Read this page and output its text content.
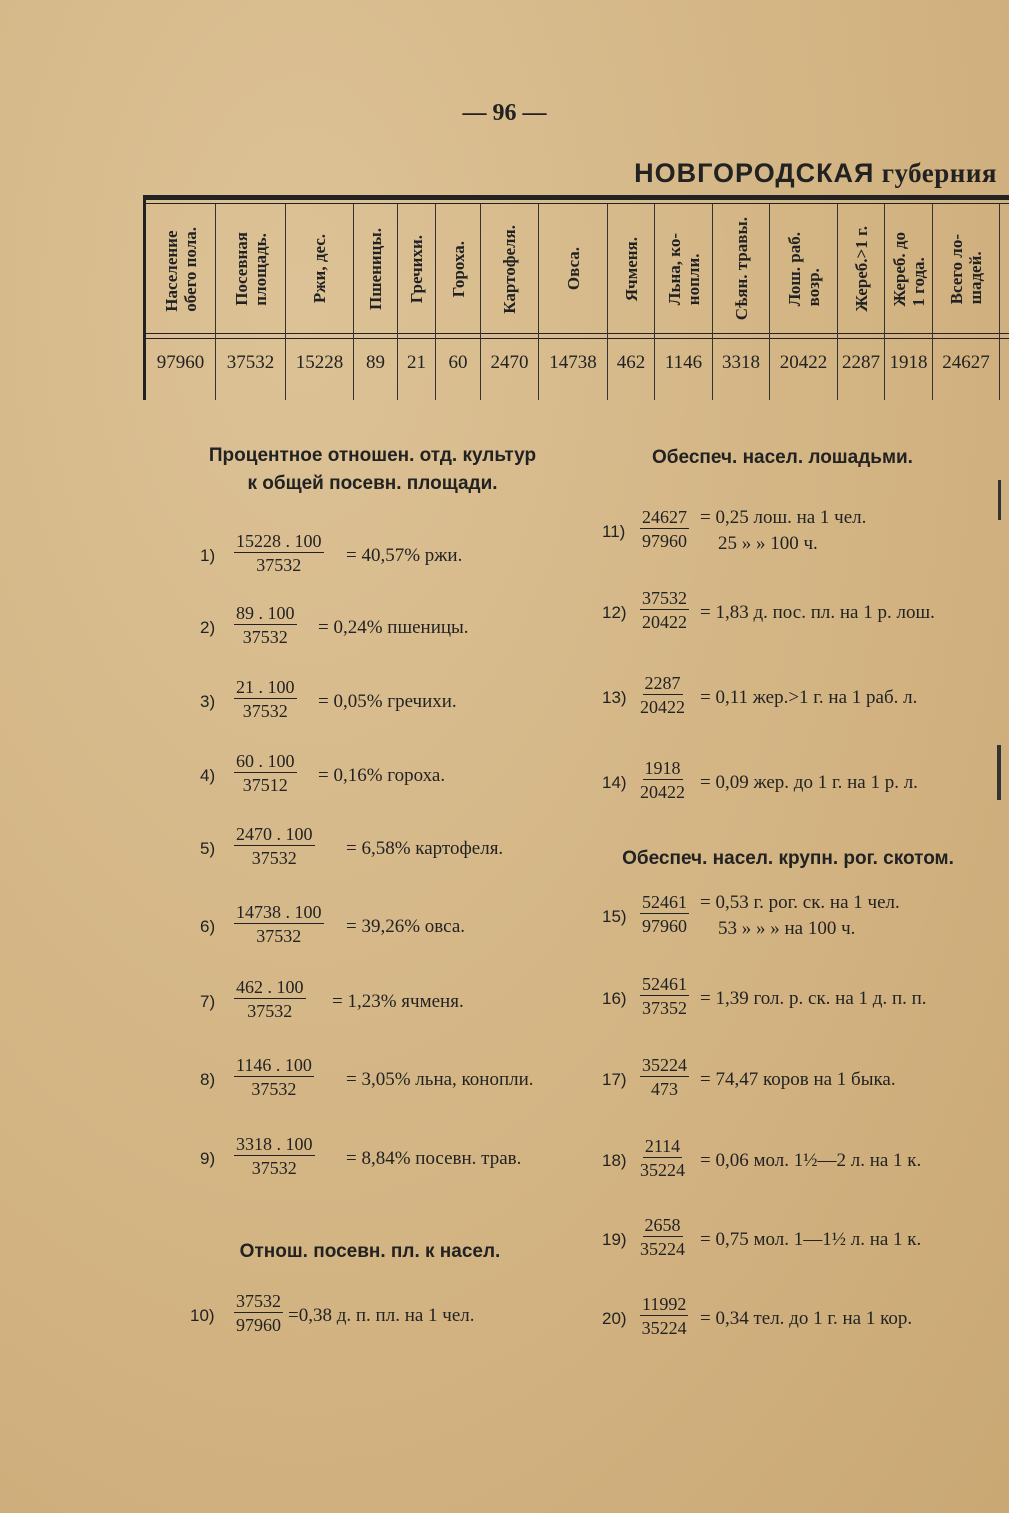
— 96 —
НОВГОРОДСКАЯ губерния
Население
обего пола.
97960
Посевная
площадь.
37532
Ржи, дес.
15228
Пшеницы.
89
Гречихи.
21
Гороха.
60
Картофеля.
2470
Овса.
14738
Ячменя.
462
Льна, ко-
нопли.
1146
Сѣян. травы.
3318
Лош. раб.
возр.
20422
Жереб.>1 г.
2287
Жереб. до
1 года.
1918
Всего ло-
шадей.
24627
Процентное отношен. отд. культур
к общей посевн. площади.
$1) \frac{15228 . 100}{37532} = 40,57\%$ ржи.
$2) \frac{89 . 100}{37532} = 0,24\%$ пшеницы.
$3) \frac{21 . 100}{37532} = 0,05\%$ гречихи.
$4) \frac{60 . 100}{37512} = 0,16\%$ гороха.
$5) \frac{2470 . 100}{37532} = 6,58\%$ картофеля.
$6) \frac{14738 . 100}{37532} = 39,26\%$ овса.
$7) \frac{462 . 100}{37532} = 1,23\%$ ячменя.
$8) \frac{1146 . 100}{37532} = 3,05\%$ льна, конопли.
$9) \frac{3318 . 100}{37532} = 8,84\%$ посевн. трав.
Отнош. посевн. пл. к насел.
$10) \frac{37532}{97960} =0,38$ д. п. пл. на 1 чел.
Обеспеч. насел. лошадьми.
$11) \frac{24627}{97960} = 0,25$ лош. на 1 чел.
25 » » 100 ч.
$12) \frac{37532}{20422} = 1,83$ д. пос. пл. на 1 р. лош.
$13) \frac{2287}{20422} = 0,11$ жер.>1 г. на 1 раб. л.
$14) \frac{1918}{20422} = 0,09$ жер. до 1 г. на 1 р. л.
Обеспеч. насел. крупн. рог. скотом.
$15) \frac{52461}{97960} = 0,53$ г. рог. ск. на 1 чел.
53 » » » на 100 ч.
$16) \frac{52461}{37352} = 1,39$ гол. р. ск. на 1 д. п. п.
$17) \frac{35224}{473} = 74,47$ коров на 1 быка.
$18) \frac{2114}{35224} = 0,06$ мол. 1½—2 л. на 1 к.
$19) \frac{2658}{35224} = 0,75$ мол. 1—1½ л. на 1 к.
$20) \frac{11992}{35224} = 0,34$ тел. до 1 г. на 1 кор.
